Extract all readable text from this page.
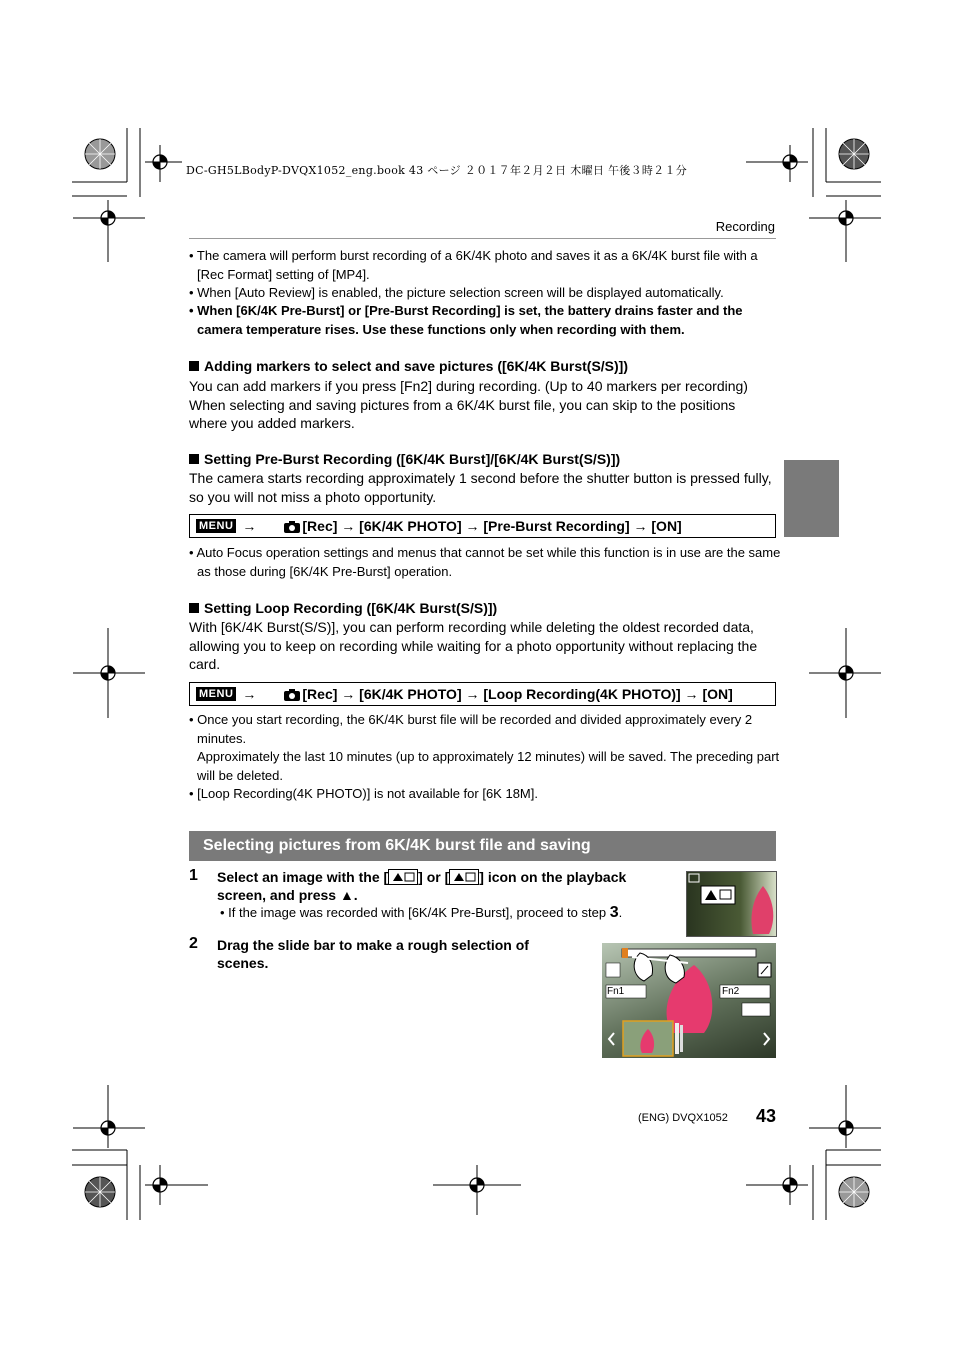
DC-GH5LBodyP-DVQX1052_eng.book 43 ページ ２０１７年２月２日 木曜日 午後３時２１分
Recording

• The camera will perform burst recording of a 6K/4K photo and saves it as a 6K/4K burst file with a [Rec Format] setting of [MP4].

• When [Auto Review] is enabled, the picture selection screen will be displayed automatically.

• When [6K/4K Pre-Burst] or [Pre-Burst Recording] is set, the battery drains faster and the camera temperature rises. Use these functions only when recording with them.

Adding markers to select and save pictures ([6K/4K Burst(S/S)])

You can add markers if you press [Fn2] during recording. (Up to 40 markers per recording) When selecting and saving pictures from a 6K/4K burst file, you can skip to the positions where you added markers.

Setting Pre-Burst Recording ([6K/4K Burst]/[6K/4K Burst(S/S)])

The camera starts recording approximately 1 second before the shutter button is pressed fully, so you will not miss a photo opportunity.

MENU →	[Rec] → [6K/4K PHOTO] → [Pre-Burst Recording] → [ON]

• Auto Focus operation settings and menus that cannot be set while this function is in use are the same as those during [6K/4K Pre-Burst] operation.

Setting Loop Recording ([6K/4K Burst(S/S)])

With [6K/4K Burst(S/S)], you can perform recording while deleting the oldest recorded data, allowing you to keep on recording while waiting for a photo opportunity without replacing the card.

MENU →	[Rec] → [6K/4K PHOTO] → [Loop Recording(4K PHOTO)] → [ON]

• Once you start recording, the 6K/4K burst file will be recorded and divided approximately every 2 minutes.

Approximately the last 10 minutes (up to approximately 12 minutes) will be saved. The preceding part will be deleted.

• [Loop Recording(4K PHOTO)] is not available for [6K 18M].

Selecting pictures from 6K/4K burst file and saving
1 Select an image with the [ ] or [ ] icon on the playback screen, and press ▲.
• If the image was recorded with [6K/4K Pre-Burst], proceed to step 3.
2 Drag the slide bar to make a rough selection of scenes.
Fn1	Fn2
(ENG) DVQX1052 43
